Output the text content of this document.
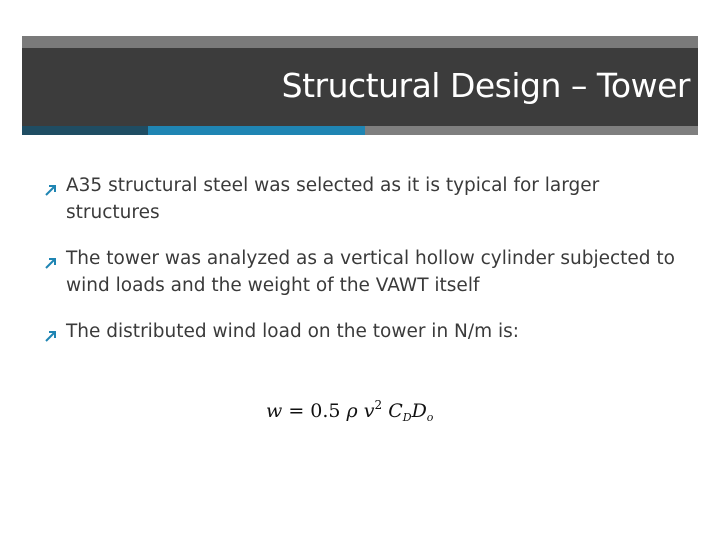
Structural Design – Tower
A35 structural steel was selected as it is typical for larger structures
The tower was analyzed as a vertical hollow cylinder subjected to wind loads and the weight of the VAWT itself
The distributed wind load on the tower in N/m is:
w = 0.5 ρ $v^2$ $C_DD_o$
